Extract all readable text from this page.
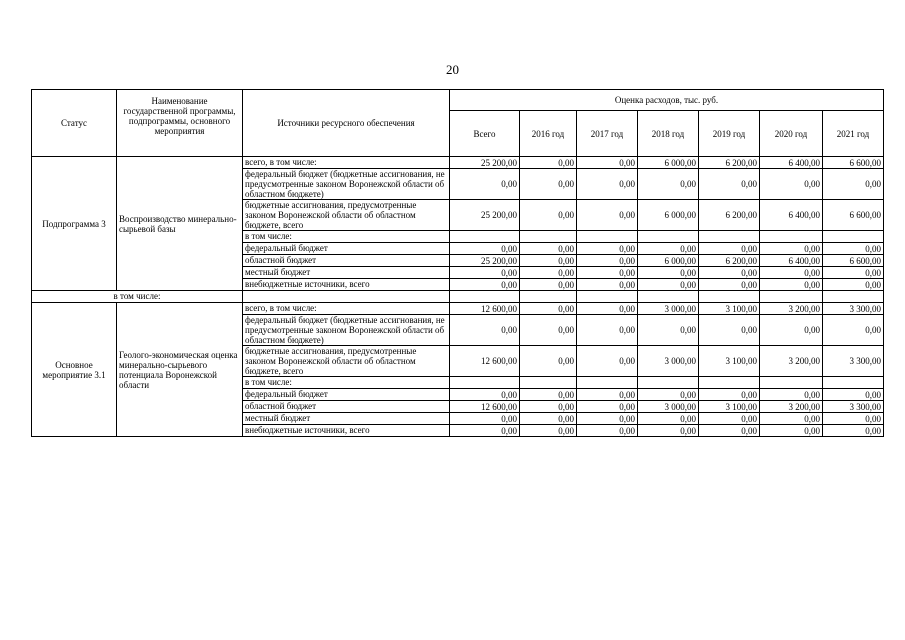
20
Статус	Наименование государственной программы, подпрограммы, основного мероприятия	Источники ресурсного обеспечения	Оценка расходов, тыс. руб.						
			Всего	2016 год	2017 год	2018 год	2019 год	2020 год	2021 год
Подпрограмма 3	Воспроизводство минерально-сырьевой базы	всего, в том числе:	25 200,00	0,00	0,00	6 000,00	6 200,00	6 400,00	6 600,00
		федеральный бюджет (бюджетные ассигнования, не предусмотренные законом Воронежской области об областном бюджете)	0,00	0,00	0,00	0,00	0,00	0,00	0,00
		бюджетные ассигнования, предусмотренные законом Воронежской области об областном бюджете, всего	25 200,00	0,00	0,00	6 000,00	6 200,00	6 400,00	6 600,00
		в том числе:							
		федеральный бюджет	0,00	0,00	0,00	0,00	0,00	0,00	0,00
		областной бюджет	25 200,00	0,00	0,00	6 000,00	6 200,00	6 400,00	6 600,00
		местный бюджет	0,00	0,00	0,00	0,00	0,00	0,00	0,00
		внебюджетные источники, всего	0,00	0,00	0,00	0,00	0,00	0,00	0,00
в том числе:									
Основное мероприятие 3.1	Геолого-экономическая оценка минерально-сырьевого потенциала Воронежской области	всего, в том числе:	12 600,00	0,00	0,00	3 000,00	3 100,00	3 200,00	3 300,00
		федеральный бюджет (бюджетные ассигнования, не предусмотренные законом Воронежской области об областном бюджете)	0,00	0,00	0,00	0,00	0,00	0,00	0,00
		бюджетные ассигнования, предусмотренные законом Воронежской области об областном бюджете, всего	12 600,00	0,00	0,00	3 000,00	3 100,00	3 200,00	3 300,00
		в том числе:							
		федеральный бюджет	0,00	0,00	0,00	0,00	0,00	0,00	0,00
		областной бюджет	12 600,00	0,00	0,00	3 000,00	3 100,00	3 200,00	3 300,00
		местный бюджет	0,00	0,00	0,00	0,00	0,00	0,00	0,00
		внебюджетные источники, всего	0,00	0,00	0,00	0,00	0,00	0,00	0,00
